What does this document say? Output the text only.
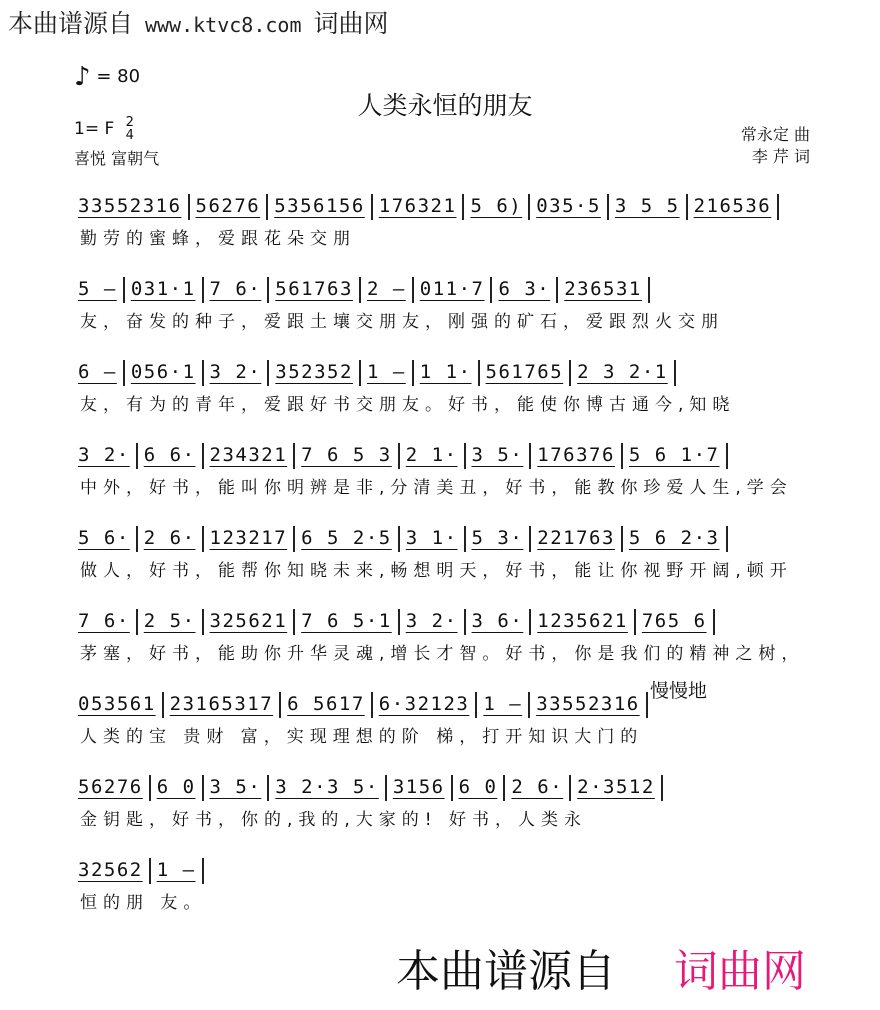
本曲谱源自 www.ktvc8.com 词曲网
♪ = 80
人类永恒的朋友
1= F 2
4
喜悦 富朝气
常永定 曲
李 芹 词
33552316 56276 5356156 176321 5 6) 035·5 3 5 5 216536
勤劳的蜜蜂，爱跟花朵交朋
5 — 031·1 7 6· 561763 2 — 011·7 6 3· 236531
友，奋发的种子，爱跟土壤交朋友，刚强的矿石，爱跟烈火交朋
6 — 056·1 3 2· 352352 1 — 1 1· 561765 2 3 2·1
友，有为的青年，爱跟好书交朋友。好书，能使你博古通今,知晓
3 2· 6 6· 234321 7 6 5 3 2 1· 3 5· 176376 5 6 1·7
中外，好书，能叫你明辨是非,分清美丑，好书，能教你珍爱人生,学会
5 6· 2 6· 123217 6 5 2·5 3 1· 5 3· 221763 5 6 2·3
做人，好书，能帮你知晓未来,畅想明天，好书，能让你视野开阔,顿开
7 6· 2 5· 325621 7 6 5·1 3 2· 3 6· 1235621 765 6
茅塞，好书，能助你升华灵魂,增长才智。好书，你是我们的精神之树，
053561 23165317 6 5617 6·32123 1 — 33552316
人类的宝 贵财 富，实现理想的阶 梯，打开知识大门的
56276 6 0 3 5· 3 2·3 5· 3156 6 0 2 6· 2·3512
金钥匙，好书，你的,我的,大家的! 好书，人类永
32562 1 —
恒的朋 友。
慢慢地
本曲谱源自 词曲网
